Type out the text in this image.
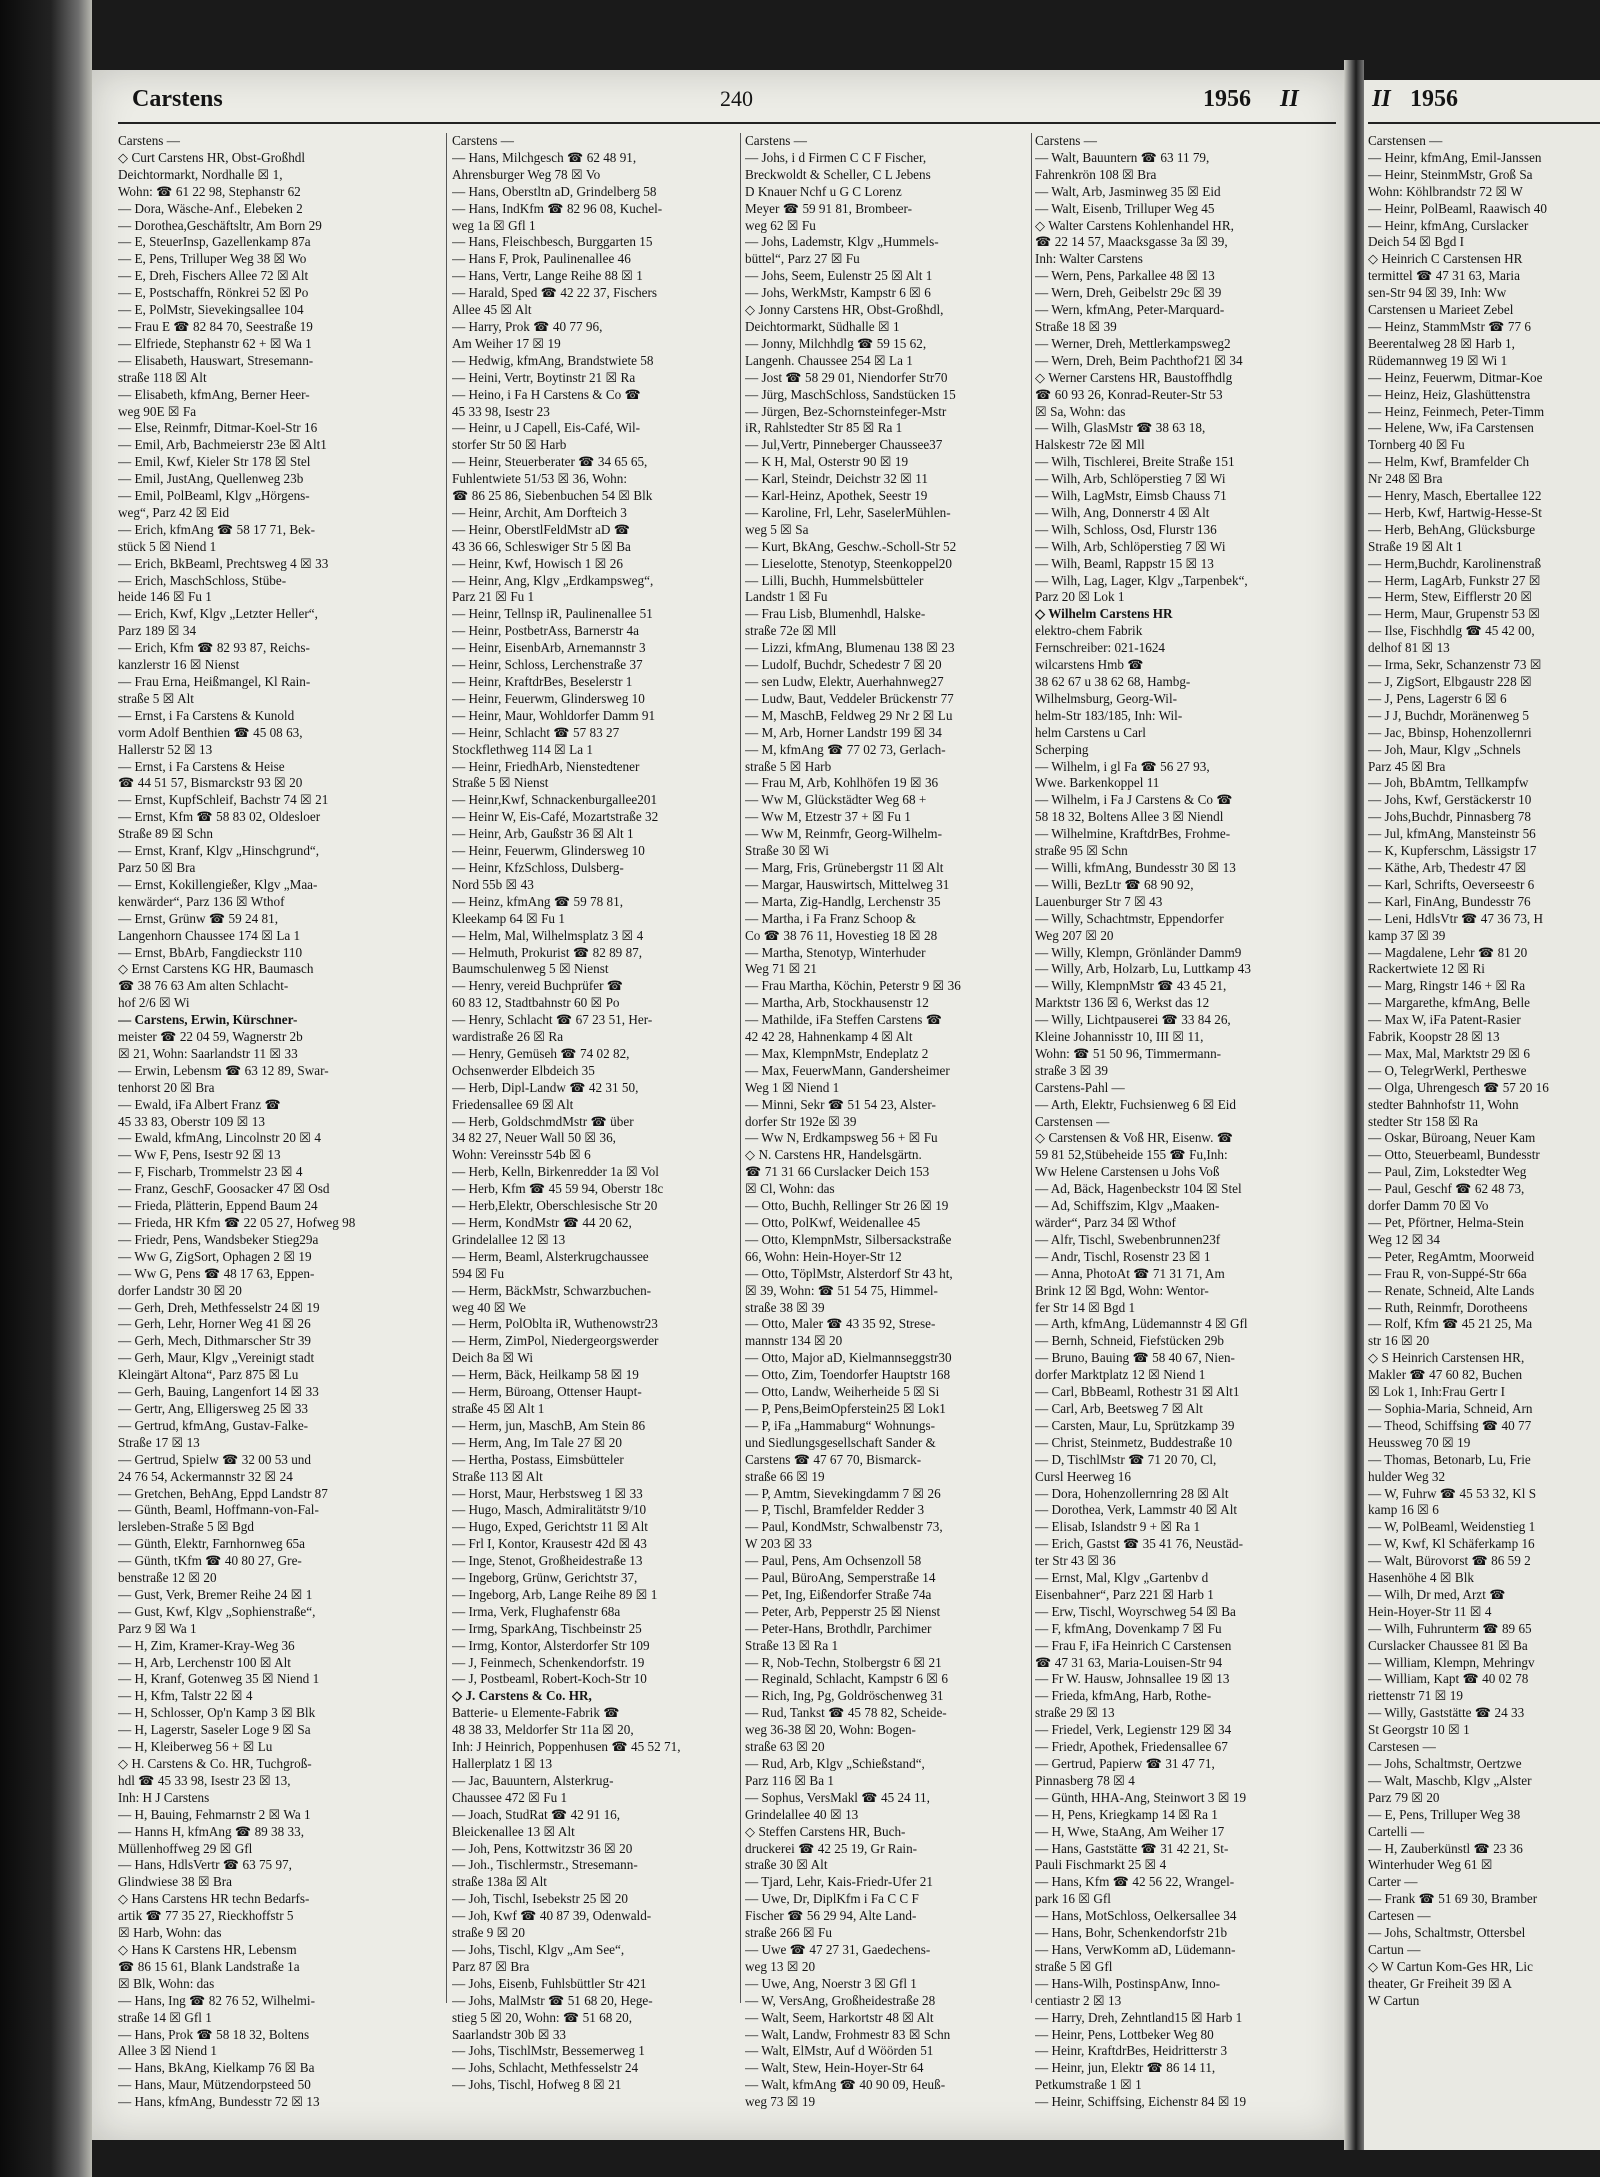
Carstens	240	1956 II	II 1956
Carstens —
◇ Curt Carstens HR, Obst-Großhdl
Deichtormarkt, Nordhalle ☒ 1,
Wohn: ☎ 61 22 98, Stephanstr 62
— Dora, Wäsche-Anf., Elebeken 2
— Dorothea,Geschäftsltr, Am Born 29
— E, SteuerInsp, Gazellenkamp 87a
— E, Pens, Trilluper Weg 38 ☒ Wo
— E, Dreh, Fischers Allee 72 ☒ Alt
— E, Postschaffn, Rönkrei 52 ☒ Po
— E, PolMstr, Sievekingsallee 104
— Frau E ☎ 82 84 70, Seestraße 19
— Elfriede, Stephanstr 62 + ☒ Wa 1
— Elisabeth, Hauswart, Stresemann-
straße 118 ☒ Alt
— Elisabeth, kfmAng, Berner Heer-
weg 90E ☒ Fa
— Else, Reinmfr, Ditmar-Koel-Str 16
— Emil, Arb, Bachmeierstr 23e ☒ Alt1
— Emil, Kwf, Kieler Str 178 ☒ Stel
— Emil, JustAng, Quellenweg 23b
— Emil, PolBeaml, Klgv „Hörgens-
weg“, Parz 42 ☒ Eid
— Erich, kfmAng ☎ 58 17 71, Bek-
stück 5 ☒ Niend 1
— Erich, BkBeaml, Prechtsweg 4 ☒ 33
— Erich, MaschSchloss, Stübe-
heide 146 ☒ Fu 1
— Erich, Kwf, Klgv „Letzter Heller“,
Parz 189 ☒ 34
— Erich, Kfm ☎ 82 93 87, Reichs-
kanzlerstr 16 ☒ Nienst
— Frau Erna, Heißmangel, Kl Rain-
straße 5 ☒ Alt
— Ernst, i Fa Carstens & Kunold
vorm Adolf Benthien ☎ 45 08 63,
Hallerstr 52 ☒ 13
— Ernst, i Fa Carstens & Heise
☎ 44 51 57, Bismarckstr 93 ☒ 20
— Ernst, KupfSchleif, Bachstr 74 ☒ 21
— Ernst, Kfm ☎ 58 83 02, Oldesloer
Straße 89 ☒ Schn
— Ernst, Kranf, Klgv „Hinschgrund“,
Parz 50 ☒ Bra
— Ernst, Kokillengießer, Klgv „Maa-
kenwärder“, Parz 136 ☒ Wthof
— Ernst, Grünw ☎ 59 24 81,
Langenhorn Chaussee 174 ☒ La 1
— Ernst, BbArb, Fangdieckstr 110
◇ Ernst Carstens KG HR, Baumasch
☎ 38 76 63 Am alten Schlacht-
hof 2/6 ☒ Wi
— Carstens, Erwin, Kürschner-
meister ☎ 22 04 59, Wagnerstr 2b
☒ 21, Wohn: Saarlandstr 11 ☒ 33
— Erwin, Lebensm ☎ 63 12 89, Swar-
tenhorst 20 ☒ Bra
— Ewald, iFa Albert Franz ☎
45 33 83, Oberstr 109 ☒ 13
— Ewald, kfmAng, Lincolnstr 20 ☒ 4
— Ww F, Pens, Isestr 92 ☒ 13
— F, Fischarb, Trommelstr 23 ☒ 4
— Franz, GeschF, Goosacker 47 ☒ Osd
— Frieda, Plätterin, Eppend Baum 24
— Frieda, HR Kfm ☎ 22 05 27, Hofweg 98
— Friedr, Pens, Wandsbeker Stieg29a
— Ww G, ZigSort, Ophagen 2 ☒ 19
— Ww G, Pens ☎ 48 17 63, Eppen-
dorfer Landstr 30 ☒ 20
— Gerh, Dreh, Methfesselstr 24 ☒ 19
— Gerh, Lehr, Horner Weg 41 ☒ 26
— Gerh, Mech, Dithmarscher Str 39
— Gerh, Maur, Klgv „Vereinigt stadt
Kleingärt Altona“, Parz 875 ☒ Lu
— Gerh, Bauing, Langenfort 14 ☒ 33
— Gertr, Ang, Elligersweg 25 ☒ 33
— Gertrud, kfmAng, Gustav-Falke-
Straße 17 ☒ 13
— Gertrud, Spielw ☎ 32 00 53 und
24 76 54, Ackermannstr 32 ☒ 24
— Gretchen, BehAng, Eppd Landstr 87
— Günth, Beaml, Hoffmann-von-Fal-
lersleben-Straße 5 ☒ Bgd
— Günth, Elektr, Farnhornweg 65a
— Günth, tKfm ☎ 40 80 27, Gre-
benstraße 12 ☒ 20
— Gust, Verk, Bremer Reihe 24 ☒ 1
— Gust, Kwf, Klgv „Sophienstraße“,
Parz 9 ☒ Wa 1
— H, Zim, Kramer-Kray-Weg 36
— H, Arb, Lerchenstr 100 ☒ Alt
— H, Kranf, Gotenweg 35 ☒ Niend 1
— H, Kfm, Talstr 22 ☒ 4
— H, Schlosser, Op'n Kamp 3 ☒ Blk
— H, Lagerstr, Saseler Loge 9 ☒ Sa
— H, Kleiberweg 56 + ☒ Lu
◇ H. Carstens & Co. HR, Tuchgroß-
hdl ☎ 45 33 98, Isestr 23 ☒ 13,
Inh: H J Carstens
— H, Bauing, Fehmarnstr 2 ☒ Wa 1
— Hanns H, kfmAng ☎ 89 38 33,
Müllenhoffweg 29 ☒ Gfl
— Hans, HdlsVertr ☎ 63 75 97,
Glindwiese 38 ☒ Bra
◇ Hans Carstens HR techn Bedarfs-
artik ☎ 77 35 27, Rieckhoffstr 5
☒ Harb, Wohn: das
◇ Hans K Carstens HR, Lebensm
☎ 86 15 61, Blank Landstraße 1a
☒ Blk, Wohn: das
— Hans, Ing ☎ 82 76 52, Wilhelmi-
straße 14 ☒ Gfl 1
— Hans, Prok ☎ 58 18 32, Boltens
Allee 3 ☒ Niend 1
— Hans, BkAng, Kielkamp 76 ☒ Ba
— Hans, Maur, Mützendorpsteed 50
— Hans, kfmAng, Bundesstr 72 ☒ 13
Carstens —
— Hans, Milchgesch ☎ 62 48 91,
Ahrensburger Weg 78 ☒ Vo
— Hans, Oberstltn aD, Grindelberg 58
— Hans, IndKfm ☎ 82 96 08, Kuchel-
weg 1a ☒ Gfl 1
— Hans, Fleischbesch, Burggarten 15
— Hans F, Prok, Paulinenallee 46
— Hans, Vertr, Lange Reihe 88 ☒ 1
— Harald, Sped ☎ 42 22 37, Fischers
Allee 45 ☒ Alt
— Harry, Prok ☎ 40 77 96,
Am Weiher 17 ☒ 19
— Hedwig, kfmAng, Brandstwiete 58
— Heini, Vertr, Boytinstr 21 ☒ Ra
— Heino, i Fa H Carstens & Co ☎
45 33 98, Isestr 23
— Heinr, u J Capell, Eis-Café, Wil-
storfer Str 50 ☒ Harb
— Heinr, Steuerberater ☎ 34 65 65,
Fuhlentwiete 51/53 ☒ 36, Wohn:
☎ 86 25 86, Siebenbuchen 54 ☒ Blk
— Heinr, Archit, Am Dorfteich 3
— Heinr, OberstlFeldMstr aD ☎
43 36 66, Schleswiger Str 5 ☒ Ba
— Heinr, Kwf, Howisch 1 ☒ 26
— Heinr, Ang, Klgv „Erdkampsweg“,
Parz 21 ☒ Fu 1
— Heinr, Tellnsp iR, Paulinenallee 51
— Heinr, PostbetrAss, Barnerstr 4a
— Heinr, EisenbArb, Arnemannstr 3
— Heinr, Schloss, Lerchenstraße 37
— Heinr, KraftdrBes, Beselerstr 1
— Heinr, Feuerwm, Glindersweg 10
— Heinr, Maur, Wohldorfer Damm 91
— Heinr, Schlacht ☎ 57 83 27
Stockflethweg 114 ☒ La 1
— Heinr, FriedhArb, Nienstedtener
Straße 5 ☒ Nienst
— Heinr,Kwf, Schnackenburgallee201
— Heinr W, Eis-Café, Mozartstraße 32
— Heinr, Arb, Gaußstr 36 ☒ Alt 1
— Heinr, Feuerwm, Glindersweg 10
— Heinr, KfzSchloss, Dulsberg-
Nord 55b ☒ 43
— Heinz, kfmAng ☎ 59 78 81,
Kleekamp 64 ☒ Fu 1
— Helm, Mal, Wilhelmsplatz 3 ☒ 4
— Helmuth, Prokurist ☎ 82 89 87,
Baumschulenweg 5 ☒ Nienst
— Henry, vereid Buchprüfer ☎
60 83 12, Stadtbahnstr 60 ☒ Po
— Henry, Schlacht ☎ 67 23 51, Her-
wardistraße 26 ☒ Ra
— Henry, Gemüseh ☎ 74 02 82,
Ochsenwerder Elbdeich 35
— Herb, Dipl-Landw ☎ 42 31 50,
Friedensallee 69 ☒ Alt
— Herb, GoldschmdMstr ☎ über
34 82 27, Neuer Wall 50 ☒ 36,
Wohn: Vereinsstr 54b ☒ 6
— Herb, Kelln, Birkenredder 1a ☒ Vol
— Herb, Kfm ☎ 45 59 94, Oberstr 18c
— Herb,Elektr, Oberschlesische Str 20
— Herm, KondMstr ☎ 44 20 62,
Grindelallee 12 ☒ 13
— Herm, Beaml, Alsterkrugchaussee
594 ☒ Fu
— Herm, BäckMstr, Schwarzbuchen-
weg 40 ☒ We
— Herm, PolOblta iR, Wuthenowstr23
— Herm, ZimPol, Niedergeorgswerder
Deich 8a ☒ Wi
— Herm, Bäck, Heilkamp 58 ☒ 19
— Herm, Büroang, Ottenser Haupt-
straße 45 ☒ Alt 1
— Herm, jun, MaschB, Am Stein 86
— Herm, Ang, Im Tale 27 ☒ 20
— Hertha, Postass, Eimsbütteler
Straße 113 ☒ Alt
— Horst, Maur, Herbstsweg 1 ☒ 33
— Hugo, Masch, Admiralitätstr 9/10
— Hugo, Exped, Gerichtstr 11 ☒ Alt
— Frl I, Kontor, Krausestr 42d ☒ 43
— Inge, Stenot, Großheidestraße 13
— Ingeborg, Grünw, Gerichtstr 37,
— Ingeborg, Arb, Lange Reihe 89 ☒ 1
— Irma, Verk, Flughafenstr 68a
— Irmg, SparkAng, Tischbeinstr 25
— Irmg, Kontor, Alsterdorfer Str 109
— J, Feinmech, Schenkendorfstr. 19
— J, Postbeaml, Robert-Koch-Str 10
◇ J. Carstens & Co. HR,
Batterie- u Elemente-Fabrik ☎
48 38 33, Meldorfer Str 11a ☒ 20,
Inh: J Heinrich, Poppenhusen ☎ 45 52 71,
Hallerplatz 1 ☒ 13
— Jac, Bauuntern, Alsterkrug-
Chaussee 472 ☒ Fu 1
— Joach, StudRat ☎ 42 91 16,
Bleickenallee 13 ☒ Alt
— Joh, Pens, Kottwitzstr 36 ☒ 20
— Joh., Tischlermstr., Stresemann-
straße 138a ☒ Alt
— Joh, Tischl, Isebekstr 25 ☒ 20
— Joh, Kwf ☎ 40 87 39, Odenwald-
straße 9 ☒ 20
— Johs, Tischl, Klgv „Am See“,
Parz 87 ☒ Bra
— Johs, Eisenb, Fuhlsbüttler Str 421
— Johs, MalMstr ☎ 51 68 20, Hege-
stieg 5 ☒ 20, Wohn: ☎ 51 68 20,
Saarlandstr 30b ☒ 33
— Johs, TischlMstr, Bessemerweg 1
— Johs, Schlacht, Methfesselstr 24
— Johs, Tischl, Hofweg 8 ☒ 21
Carstens —
— Johs, i d Firmen C C F Fischer,
Breckwoldt & Scheller, C L Jebens
D Knauer Nchf u G C Lorenz
Meyer ☎ 59 91 81, Brombeer-
weg 62 ☒ Fu
— Johs, Lademstr, Klgv „Hummels-
büttel“, Parz 27 ☒ Fu
— Johs, Seem, Eulenstr 25 ☒ Alt 1
— Johs, WerkMstr, Kampstr 6 ☒ 6
◇ Jonny Carstens HR, Obst-Großhdl,
Deichtormarkt, Südhalle ☒ 1
— Jonny, Milchhdlg ☎ 59 15 62,
Langenh. Chaussee 254 ☒ La 1
— Jost ☎ 58 29 01, Niendorfer Str70
— Jürg, MaschSchloss, Sandstücken 15
— Jürgen, Bez-Schornsteinfeger-Mstr
iR, Rahlstedter Str 85 ☒ Ra 1
— Jul,Vertr, Pinneberger Chaussee37
— K H, Mal, Osterstr 90 ☒ 19
— Karl, Steindr, Deichstr 32 ☒ 11
— Karl-Heinz, Apothek, Seestr 19
— Karoline, Frl, Lehr, SaselerMühlen-
weg 5 ☒ Sa
— Kurt, BkAng, Geschw.-Scholl-Str 52
— Lieselotte, Stenotyp, Steenkoppel20
— Lilli, Buchh, Hummelsbütteler
Landstr 1 ☒ Fu
— Frau Lisb, Blumenhdl, Halske-
straße 72e ☒ Mll
— Lizzi, kfmAng, Blumenau 138 ☒ 23
— Ludolf, Buchdr, Schedestr 7 ☒ 20
— sen Ludw, Elektr, Auerhahnweg27
— Ludw, Baut, Veddeler Brückenstr 77
— M, MaschB, Feldweg 29 Nr 2 ☒ Lu
— M, Arb, Horner Landstr 199 ☒ 34
— M, kfmAng ☎ 77 02 73, Gerlach-
straße 5 ☒ Harb
— Frau M, Arb, Kohlhöfen 19 ☒ 36
— Ww M, Glückstädter Weg 68 +
— Ww M, Etzestr 37 + ☒ Fu 1
— Ww M, Reinmfr, Georg-Wilhelm-
Straße 30 ☒ Wi
— Marg, Fris, Grünebergstr 11 ☒ Alt
— Margar, Hauswirtsch, Mittelweg 31
— Marta, Zig-Handlg, Lerchenstr 35
— Martha, i Fa Franz Schoop &
Co ☎ 38 76 11, Hovestieg 18 ☒ 28
— Martha, Stenotyp, Winterhuder
Weg 71 ☒ 21
— Frau Martha, Köchin, Peterstr 9 ☒ 36
— Martha, Arb, Stockhausenstr 12
— Mathilde, iFa Steffen Carstens ☎
42 42 28, Hahnenkamp 4 ☒ Alt
— Max, KlempnMstr, Endeplatz 2
— Max, FeuerwMann, Gandersheimer
Weg 1 ☒ Niend 1
— Minni, Sekr ☎ 51 54 23, Alster-
dorfer Str 192e ☒ 39
— Ww N, Erdkampsweg 56 + ☒ Fu
◇ N. Carstens HR, Handelsgärtn.
☎ 71 31 66 Curslacker Deich 153
☒ Cl, Wohn: das
— Otto, Buchh, Rellinger Str 26 ☒ 19
— Otto, PolKwf, Weidenallee 45
— Otto, KlempnMstr, Silbersackstraße
66, Wohn: Hein-Hoyer-Str 12
— Otto, TöplMstr, Alsterdorf Str 43 ht,
☒ 39, Wohn: ☎ 51 54 75, Himmel-
straße 38 ☒ 39
— Otto, Maler ☎ 43 35 92, Strese-
mannstr 134 ☒ 20
— Otto, Major aD, Kielmannseggstr30
— Otto, Zim, Toendorfer Hauptstr 168
— Otto, Landw, Weiherheide 5 ☒ Si
— P, Pens,BeimOpferstein25 ☒ Lok1
— P, iFa „Hammaburg“ Wohnungs-
und Siedlungsgesellschaft Sander &
Carstens ☎ 47 67 70, Bismarck-
straße 66 ☒ 19
— P, Amtm, Sievekingdamm 7 ☒ 26
— P, Tischl, Bramfelder Redder 3
— Paul, KondMstr, Schwalbenstr 73,
W 203 ☒ 33
— Paul, Pens, Am Ochsenzoll 58
— Paul, BüroAng, Semperstraße 14
— Pet, Ing, Eißendorfer Straße 74a
— Peter, Arb, Pepperstr 25 ☒ Nienst
— Peter-Hans, Brothdlr, Parchimer
Straße 13 ☒ Ra 1
— R, Nob-Techn, Stolbergstr 6 ☒ 21
— Reginald, Schlacht, Kampstr 6 ☒ 6
— Rich, Ing, Pg, Goldröschenweg 31
— Rud, Tankst ☎ 45 78 82, Scheide-
weg 36-38 ☒ 20, Wohn: Bogen-
straße 63 ☒ 20
— Rud, Arb, Klgv „Schießstand“,
Parz 116 ☒ Ba 1
— Sophus, VersMakl ☎ 45 24 11,
Grindelallee 40 ☒ 13
◇ Steffen Carstens HR, Buch-
druckerei ☎ 42 25 19, Gr Rain-
straße 30 ☒ Alt
— Tjard, Lehr, Kais-Friedr-Ufer 21
— Uwe, Dr, DiplKfm i Fa C C F
Fischer ☎ 56 29 94, Alte Land-
straße 266 ☒ Fu
— Uwe ☎ 47 27 31, Gaedechens-
weg 13 ☒ 20
— Uwe, Ang, Noerstr 3 ☒ Gfl 1
— W, VersAng, Großheidestraße 28
— Walt, Seem, Harkortstr 48 ☒ Alt
— Walt, Landw, Frohmestr 83 ☒ Schn
— Walt, ElMstr, Auf d Wöörden 51
— Walt, Stew, Hein-Hoyer-Str 64
— Walt, kfmAng ☎ 40 90 09, Heuß-
weg 73 ☒ 19
Carstens —
— Walt, Bauuntern ☎ 63 11 79,
Fahrenkrön 108 ☒ Bra
— Walt, Arb, Jasminweg 35 ☒ Eid
— Walt, Eisenb, Trilluper Weg 45
◇ Walter Carstens Kohlenhandel HR,
☎ 22 14 57, Maacksgasse 3a ☒ 39,
Inh: Walter Carstens
— Wern, Pens, Parkallee 48 ☒ 13
— Wern, Dreh, Geibelstr 29c ☒ 39
— Wern, kfmAng, Peter-Marquard-
Straße 18 ☒ 39
— Werner, Dreh, Mettlerkampsweg2
— Wern, Dreh, Beim Pachthof21 ☒ 34
◇ Werner Carstens HR, Baustoffhdlg
☎ 60 93 26, Konrad-Reuter-Str 53
☒ Sa, Wohn: das
— Wilh, GlasMstr ☎ 38 63 18,
Halskestr 72e ☒ Mll
— Wilh, Tischlerei, Breite Straße 151
— Wilh, Arb, Schlöperstieg 7 ☒ Wi
— Wilh, LagMstr, Eimsb Chauss 71
— Wilh, Ang, Donnerstr 4 ☒ Alt
— Wilh, Schloss, Osd, Flurstr 136
— Wilh, Arb, Schlöperstieg 7 ☒ Wi
— Wilh, Beaml, Rappstr 15 ☒ 13
— Wilh, Lag, Lager, Klgv „Tarpenbek“,
Parz 20 ☒ Lok 1
◇ Wilhelm Carstens HR
elektro-chem Fabrik
Fernschreiber: 021-1624
wilcarstens Hmb ☎
38 62 67 u 38 62 68, Hambg-
Wilhelmsburg, Georg-Wil-
helm-Str 183/185, Inh: Wil-
helm Carstens u Carl
Scherping
— Wilhelm, i gl Fa ☎ 56 27 93,
Wwe. Barkenkoppel 11
— Wilhelm, i Fa J Carstens & Co ☎
58 18 32, Boltens Allee 3 ☒ Niendl
— Wilhelmine, KraftdrBes, Frohme-
straße 95 ☒ Schn
— Willi, kfmAng, Bundesstr 30 ☒ 13
— Willi, BezLtr ☎ 68 90 92,
Lauenburger Str 7 ☒ 43
— Willy, Schachtmstr, Eppendorfer
Weg 207 ☒ 20
— Willy, Klempn, Grönländer Damm9
— Willy, Arb, Holzarb, Lu, Luttkamp 43
— Willy, KlempnMstr ☎ 43 45 21,
Marktstr 136 ☒ 6, Werkst das 12
— Willy, Lichtpauserei ☎ 33 84 26,
Kleine Johannisstr 10, III ☒ 11,
Wohn: ☎ 51 50 96, Timmermann-
straße 3 ☒ 39
Carstens-Pahl —
— Arth, Elektr, Fuchsienweg 6 ☒ Eid
Carstensen —
◇ Carstensen & Voß HR, Eisenw. ☎
59 81 52,Stübeheide 155 ☎ Fu,Inh:
Ww Helene Carstensen u Johs Voß
— Ad, Bäck, Hagenbeckstr 104 ☒ Stel
— Ad, Schiffszim, Klgv „Maaken-
wärder“, Parz 34 ☒ Wthof
— Alfr, Tischl, Swebenbrunnen23f
— Andr, Tischl, Rosenstr 23 ☒ 1
— Anna, PhotoAt ☎ 71 31 71, Am
Brink 12 ☒ Bgd, Wohn: Wentor-
fer Str 14 ☒ Bgd 1
— Arth, kfmAng, Lüdemannstr 4 ☒ Gfl
— Bernh, Schneid, Fiefstücken 29b
— Bruno, Bauing ☎ 58 40 67, Nien-
dorfer Marktplatz 12 ☒ Niend 1
— Carl, BbBeaml, Rothestr 31 ☒ Alt1
— Carl, Arb, Beetsweg 7 ☒ Alt
— Carsten, Maur, Lu, Sprützkamp 39
— Christ, Steinmetz, Buddestraße 10
— D, TischlMstr ☎ 71 20 70, Cl,
Cursl Heerweg 16
— Dora, Hohenzollernring 28 ☒ Alt
— Dorothea, Verk, Lammstr 40 ☒ Alt
— Elisab, Islandstr 9 + ☒ Ra 1
— Erich, Gastst ☎ 35 41 76, Neustäd-
ter Str 43 ☒ 36
— Ernst, Mal, Klgv „Gartenbv d
Eisenbahner“, Parz 221 ☒ Harb 1
— Erw, Tischl, Woyrschweg 54 ☒ Ba
— F, kfmAng, Dovenkamp 7 ☒ Fu
— Frau F, iFa Heinrich C Carstensen
☎ 47 31 63, Maria-Louisen-Str 94
— Fr W. Hausw, Johnsallee 19 ☒ 13
— Frieda, kfmAng, Harb, Rothe-
straße 29 ☒ 13
— Friedel, Verk, Legienstr 129 ☒ 34
— Friedr, Apothek, Friedensallee 67
— Gertrud, Papierw ☎ 31 47 71,
Pinnasberg 78 ☒ 4
— Günth, HHA-Ang, Steinwort 3 ☒ 19
— H, Pens, Kriegkamp 14 ☒ Ra 1
— H, Wwe, StaAng, Am Weiher 17
— Hans, Gaststätte ☎ 31 42 21, St-
Pauli Fischmarkt 25 ☒ 4
— Hans, Kfm ☎ 42 56 22, Wrangel-
park 16 ☒ Gfl
— Hans, MotSchloss, Oelkersallee 34
— Hans, Bohr, Schenkendorfstr 21b
— Hans, VerwKomm aD, Lüdemann-
straße 5 ☒ Gfl
— Hans-Wilh, PostinspAnw, Inno-
centiastr 2 ☒ 13
— Harry, Dreh, Zehntland15 ☒ Harb 1
— Heinr, Pens, Lottbeker Weg 80
— Heinr, KraftdrBes, Heidritterstr 3
— Heinr, jun, Elektr ☎ 86 14 11,
Petkumstraße 1 ☒ 1
— Heinr, Schiffsing, Eichenstr 84 ☒ 19
Carstensen —
— Heinr, kfmAng, Emil-Janssen
— Heinr, SteinmMstr, Groß Sa
Wohn: Köhlbrandstr 72 ☒ W
— Heinr, PolBeaml, Raawisch 40
— Heinr, kfmAng, Curslacker
Deich 54 ☒ Bgd I
◇ Heinrich C Carstensen HR
termittel ☎ 47 31 63, Maria
sen-Str 94 ☒ 39, Inh: Ww
Carstensen u Marieet Zebel
— Heinz, StammMstr ☎ 77 6
Beerentalweg 28 ☒ Harb 1,
Rüdemannweg 19 ☒ Wi 1
— Heinz, Feuerwm, Ditmar-Koe
— Heinz, Heiz, Glashüttenstra
— Heinz, Feinmech, Peter-Timm
— Helene, Ww, iFa Carstensen
Tornberg 40 ☒ Fu
— Helm, Kwf, Bramfelder Ch
Nr 248 ☒ Bra
— Henry, Masch, Ebertallee 122
— Herb, Kwf, Hartwig-Hesse-St
— Herb, BehAng, Glücksburge
Straße 19 ☒ Alt 1
— Herm,Buchdr, Karolinenstraß
— Herm, LagArb, Funkstr 27 ☒
— Herm, Stew, Eifflerstr 20 ☒
— Herm, Maur, Grupenstr 53 ☒
— Ilse, Fischhdlg ☎ 45 42 00,
delhof 81 ☒ 13
— Irma, Sekr, Schanzenstr 73 ☒
— J, ZigSort, Elbgaustr 228 ☒
— J, Pens, Lagerstr 6 ☒ 6
— J J, Buchdr, Moränenweg 5
— Jac, Bbinsp, Hohenzollernri
— Joh, Maur, Klgv „Schnels
Parz 45 ☒ Bra
— Joh, BbAmtm, Tellkampfw
— Johs, Kwf, Gerstäckerstr 10
— Johs,Buchdr, Pinnasberg 78
— Jul, kfmAng, Mansteinstr 56
— K, Kupferschm, Lässigstr 17
— Käthe, Arb, Thedestr 47 ☒
— Karl, Schrifts, Oeverseestr 6
— Karl, FinAng, Bundesstr 76
— Leni, HdlsVtr ☎ 47 36 73, H
kamp 37 ☒ 39
— Magdalene, Lehr ☎ 81 20
Rackertwiete 12 ☒ Ri
— Marg, Ringstr 146 + ☒ Ra
— Margarethe, kfmAng, Belle
— Max W, iFa Patent-Rasier
Fabrik, Koopstr 28 ☒ 13
— Max, Mal, Marktstr 29 ☒ 6
— O, TelegrWerkl, Pertheswe
— Olga, Uhrengesch ☎ 57 20 16
stedter Bahnhofstr 11, Wohn
stedter Str 158 ☒ Ra
— Oskar, Büroang, Neuer Kam
— Otto, Steuerbeaml, Bundesstr
— Paul, Zim, Lokstedter Weg
— Paul, Geschf ☎ 62 48 73,
dorfer Damm 70 ☒ Vo
— Pet, Pförtner, Helma-Stein
Weg 12 ☒ 34
— Peter, RegAmtm, Moorweid
— Frau R, von-Suppé-Str 66a
— Renate, Schneid, Alte Lands
— Ruth, Reinmfr, Dorotheens
— Rolf, Kfm ☎ 45 21 25, Ma
str 16 ☒ 20
◇ S Heinrich Carstensen HR,
Makler ☎ 47 60 82, Buchen
☒ Lok 1, Inh:Frau Gertr I
— Sophia-Maria, Schneid, Arn
— Theod, Schiffsing ☎ 40 77
Heussweg 70 ☒ 19
— Thomas, Betonarb, Lu, Frie
hulder Weg 32
— W, Fuhrw ☎ 45 53 32, Kl S
kamp 16 ☒ 6
— W, PolBeaml, Weidenstieg 1
— W, Kwf, Kl Schäferkamp 16
— Walt, Bürovorst ☎ 86 59 2
Hasenhöhe 4 ☒ Blk
— Wilh, Dr med, Arzt ☎
Hein-Hoyer-Str 11 ☒ 4
— Wilh, Fuhrunterm ☎ 89 65
Curslacker Chaussee 81 ☒ Ba
— William, Klempn, Mehringv
— William, Kapt ☎ 40 02 78
riettenstr 71 ☒ 19
— Willy, Gaststätte ☎ 24 33
St Georgstr 10 ☒ 1
Carstesen —
— Johs, Schaltmstr, Oertzwe
— Walt, Maschb, Klgv „Alster
Parz 79 ☒ 20
— E, Pens, Trilluper Weg 38
Cartelli —
— H, Zauberkünstl ☎ 23 36
Winterhuder Weg 61 ☒
Carter —
— Frank ☎ 51 69 30, Bramber
Cartesen —
— Johs, Schaltmstr, Ottersbel
Cartun —
◇ W Cartun Kom-Ges HR, Lic
theater, Gr Freiheit 39 ☒ A
W Cartun
